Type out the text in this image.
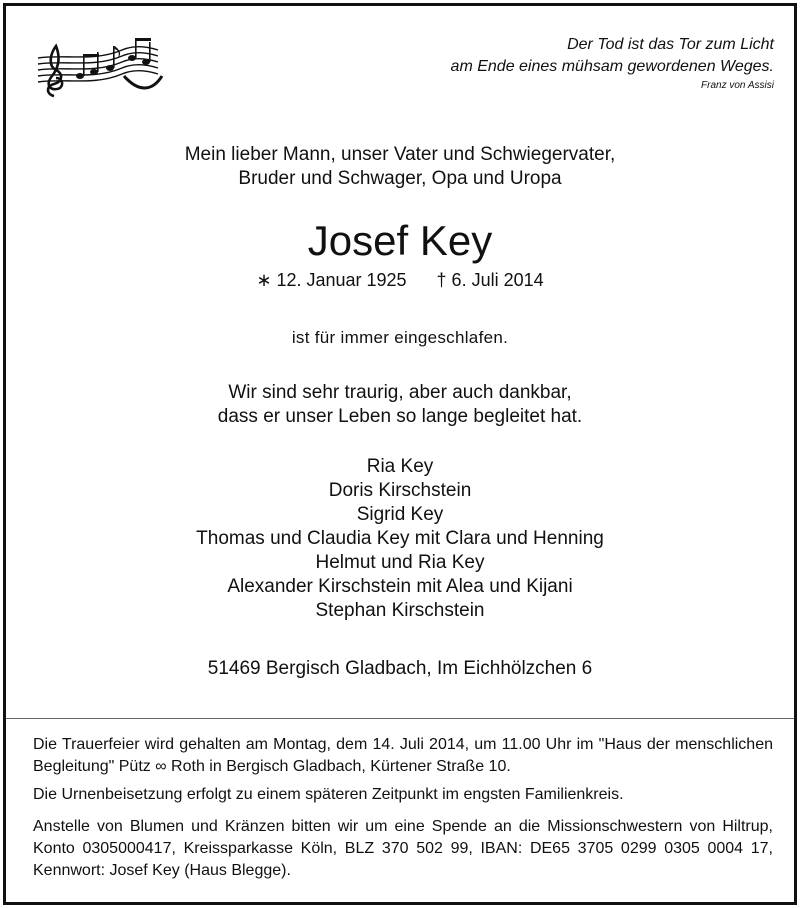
Der Tod ist das Tor zum Licht
am Ende eines mühsam gewordenen Weges.
Franz von Assisi
Mein lieber Mann, unser Vater und Schwiegervater,
Bruder und Schwager, Opa und Uropa
Josef Key
∗ 12. Januar 1925 † 6. Juli 2014
ist für immer eingeschlafen.
Wir sind sehr traurig, aber auch dankbar,
dass er unser Leben so lange begleitet hat.
Ria Key
Doris Kirschstein
Sigrid Key
Thomas und Claudia Key mit Clara und Henning
Helmut und Ria Key
Alexander Kirschstein mit Alea und Kijani
Stephan Kirschstein
51469 Bergisch Gladbach, Im Eichhölzchen 6
Die Trauerfeier wird gehalten am Montag, dem 14. Juli 2014, um 11.00 Uhr im "Haus der menschlichen Begleitung" Pütz ∞ Roth in Bergisch Gladbach, Kürtener Straße 10.
Die Urnenbeisetzung erfolgt zu einem späteren Zeitpunkt im engsten Familienkreis.
Anstelle von Blumen und Kränzen bitten wir um eine Spende an die Missionschwestern von Hiltrup, Konto 0305000417, Kreissparkasse Köln, BLZ 370 502 99, IBAN: DE65 3705 0299 0305 0004 17, Kennwort: Josef Key (Haus Blegge).
